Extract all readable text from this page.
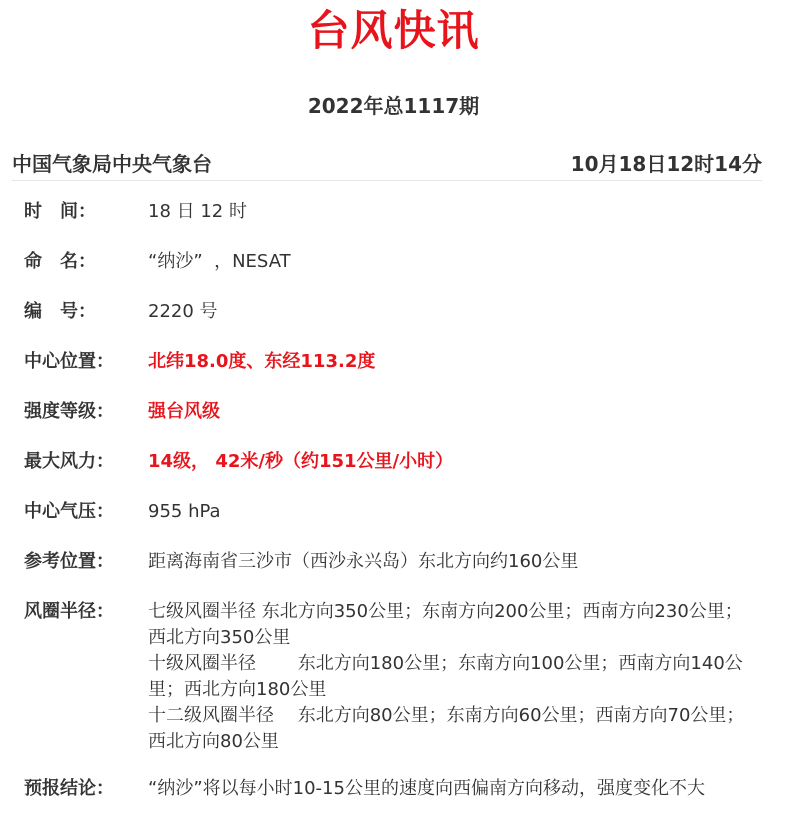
台风快讯
2022年总1117期
中国气象局中央气象台	10月18日12时14分
时　间：	18 日 12 时
命　名：	“纳沙”  ，NESAT
编　号：	2220 号
中心位置：	北纬18.0度、东经113.2度
强度等级：	强台风级
最大风力：	14级， 42米/秒（约151公里/小时）
中心气压：	955 hPa
参考位置：	距离海南省三沙市（西沙永兴岛）东北方向约160公里
风圈半径：	七级风圈半径 东北方向350公里；东南方向200公里；西南方向230公里；西北方向350公里

十级风圈半径 　　东北方向180公里；东南方向100公里；西南方向140公里；西北方向180公里

十二级风圈半径 　东北方向80公里；东南方向60公里；西南方向70公里；西北方向80公里

预报结论：	“纳沙”将以每小时10-15公里的速度向西偏南方向移动，强度变化不大
